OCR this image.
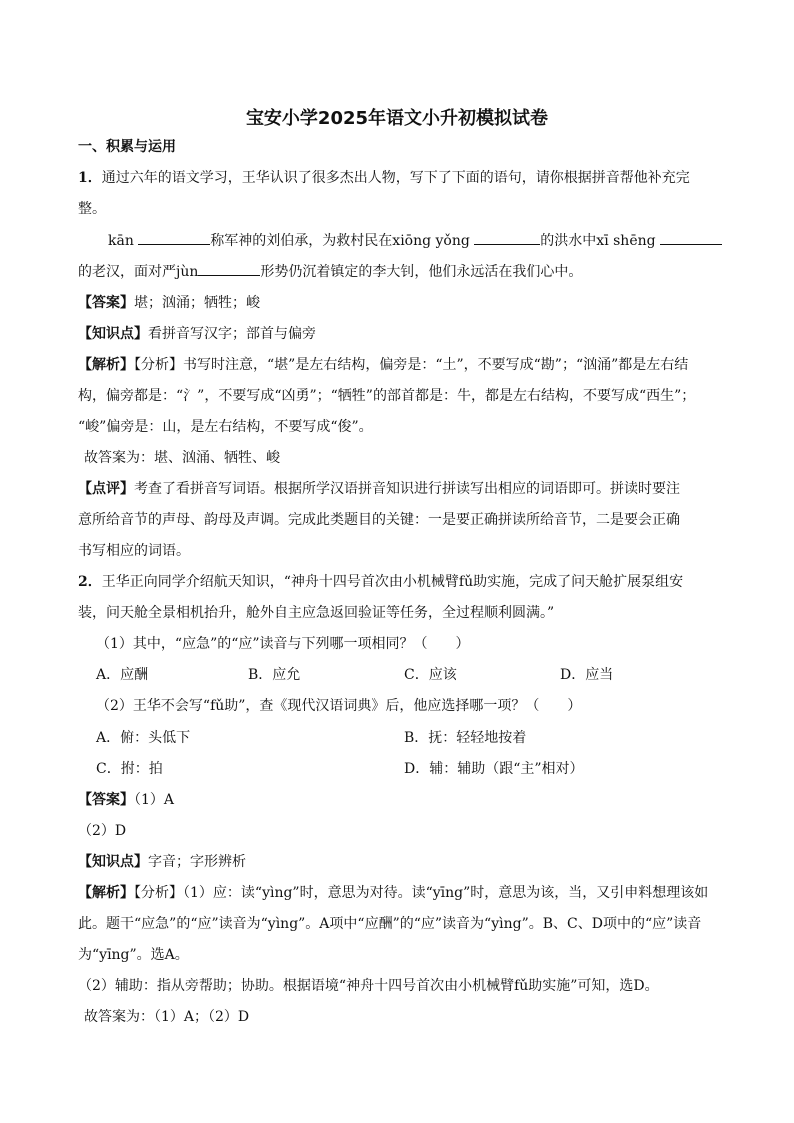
宝安小学2025年语文小升初模拟试卷
一、积累与运用
1．通过六年的语文学习，王华认识了很多杰出人物，写下了下面的语句，请你根据拼音帮他补充完
整。
kān	称军神的刘伯承，为救村民在xiōng yǒng	的洪水中xī shēng
的老汉，面对严jùn	形势仍沉着镇定的李大钊，他们永远活在我们心中。
【答案】堪；汹涌；牺牲；峻
【知识点】看拼音写汉字；部首与偏旁
【解析】【分析】书写时注意，“堪”是左右结构，偏旁是：“土”，不要写成“勘”；“汹涌”都是左右结
构，偏旁都是：“氵”，不要写成“凶勇”；“牺牲”的部首都是：牛，都是左右结构，不要写成“西生”；
“峻”偏旁是：山，是左右结构，不要写成“俊”。
故答案为：堪、汹涌、牺牲、峻
【点评】考查了看拼音写词语。根据所学汉语拼音知识进行拼读写出相应的词语即可。拼读时要注
意所给音节的声母、韵母及声调。完成此类题目的关键：一是要正确拼读所给音节，二是要会正确
书写相应的词语。
2．王华正向同学介绍航天知识，“神舟十四号首次由小机械臂fǔ助实施，完成了问天舱扩展泵组安
装，问天舱全景相机抬升，舱外自主应急返回验证等任务，全过程顺利圆满。”
（1）其中，“应急”的“应”读音与下列哪一项相同？（　　）
A．应酬	B．应允	C．应该	D．应当
（2）王华不会写“fǔ助”，查《现代汉语词典》后，他应选择哪一项？（　　）
A．俯：头低下	B．抚：轻轻地按着
C．拊：拍	D．辅：辅助（跟“主”相对）
【答案】（1）A
（2）D
【知识点】字音；字形辨析
【解析】【分析】（1）应：读“yìng”时，意思为对待。读“yīng”时，意思为该，当，又引申料想理该如
此。题干“应急”的“应”读音为“yìng”。A项中“应酬”的“应”读音为“yìng”。B、C、D项中的“应”读音
为“yīng”。选A。
（2）辅助：指从旁帮助；协助。根据语境“神舟十四号首次由小机械臂fǔ助实施”可知，选D。
故答案为：（1）A；（2）D
